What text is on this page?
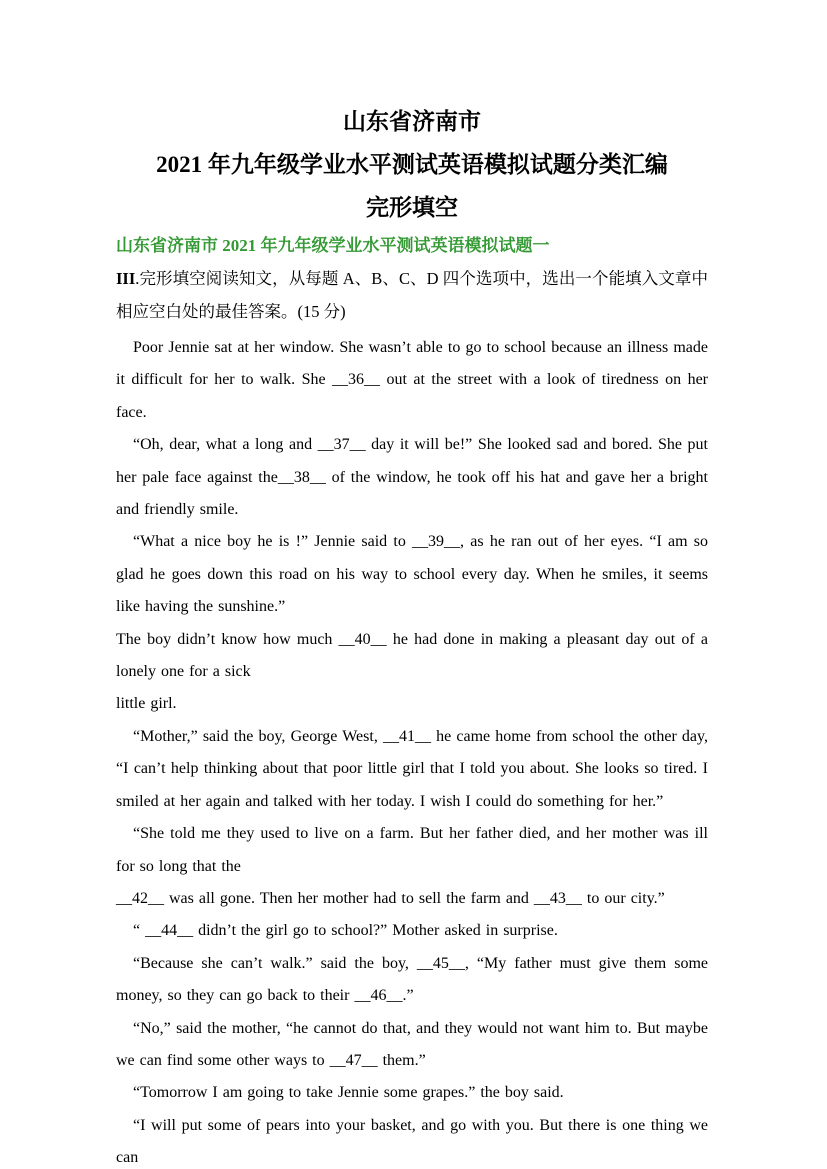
山东省济南市
2021 年九年级学业水平测试英语模拟试题分类汇编
完形填空
山东省济南市 2021 年九年级学业水平测试英语模拟试题一

III.完形填空阅读知文，从每题 A、B、C、D 四个选项中，选出一个能填入文章中相应空白处的最佳答案。(15 分)

Poor Jennie sat at her window. She wasn’t able to go to school because an illness made it difficult for her to walk. She __36__ out at the street with a look of tiredness on her face.

“Oh, dear, what a long and __37__ day it will be!” She looked sad and bored. She put her pale face against the__38__ of the window, he took off his hat and gave her a bright and friendly smile.

“What a nice boy he is !” Jennie said to __39__, as he ran out of her eyes. “I am so glad he goes down this road on his way to school every day. When he smiles, it seems like having the sunshine.”

The boy didn’t know how much __40__ he had done in making a pleasant day out of a lonely one for a sick
little girl.

“Mother,” said the boy, George West, __41__ he came home from school the other day, “I can’t help thinking about that poor little girl that I told you about. She looks so tired. I smiled at her again and talked with her today. I wish I could do something for her.”

“She told me they used to live on a farm. But her father died, and her mother was ill for so long that the

__42__ was all gone. Then her mother had to sell the farm and __43__ to our city.”

“ __44__ didn’t the girl go to school?” Mother asked in surprise.

“Because she can’t walk.” said the boy, __45__, “My father must give them some money, so they can go back to their __46__.”

“No,” said the mother, “he cannot do that, and they would not want him to. But maybe we can find some other ways to __47__ them.”

“Tomorrow I am going to take Jennie some grapes.” the boy said.

“I will put some of pears into your basket, and go with you. But there is one thing we can
